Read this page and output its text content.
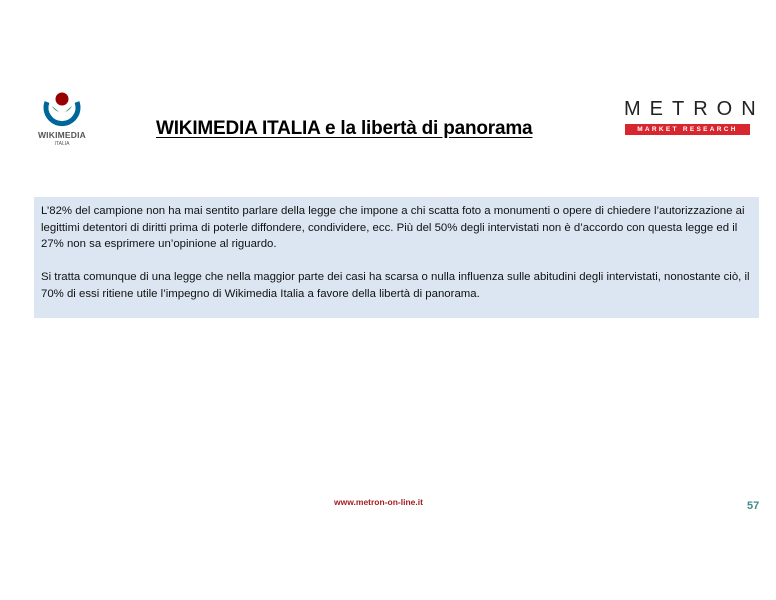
WIKIMEDIA
ITALIA
WIKIMEDIA ITALIA e la libertà di panorama
METRON
MARKET RESEARCH

L’82% del campione non ha mai sentito parlare della legge che impone a chi scatta foto a monumenti o opere di chiedere l’autorizzazione ai legittimi detentori di diritti prima di poterle diffondere, condividere, ecc. Più del 50% degli intervistati non è d’accordo con questa legge ed il 27% non sa esprimere un’opinione al riguardo.

Si tratta comunque di una legge che nella maggior parte dei casi ha scarsa o nulla influenza sulle abitudini degli intervistati, nonostante ciò, il 70% di essi ritiene utile l’impegno di Wikimedia Italia a favore della libertà di panorama.

www.metron-on-line.it	57
